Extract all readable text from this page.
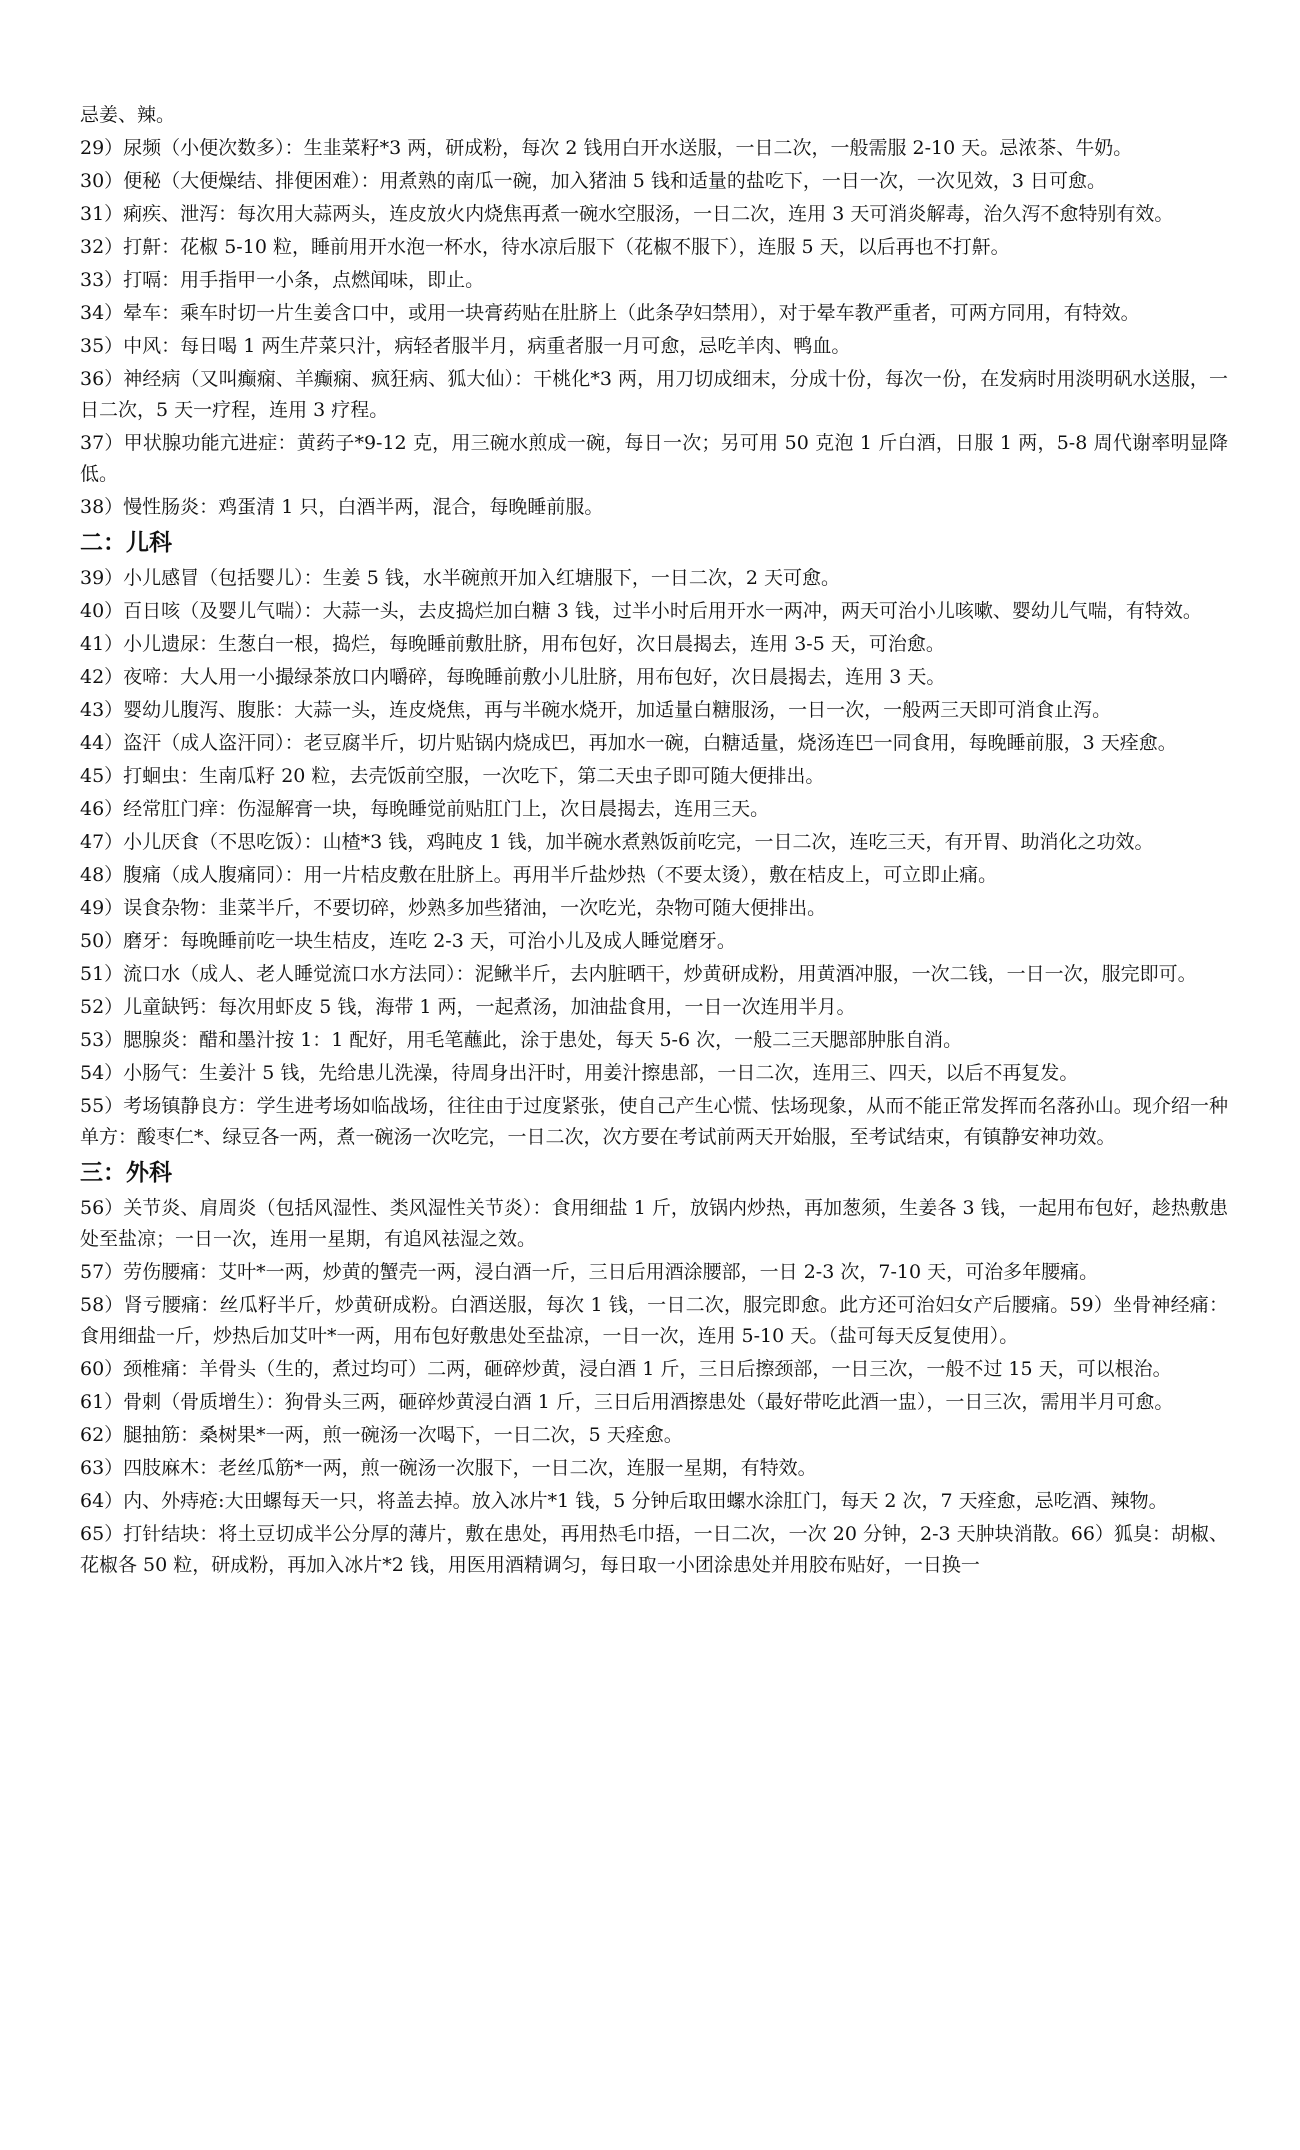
忌姜、辣。
29）尿频（小便次数多）：生韭菜籽*3 两，研成粉，每次 2 钱用白开水送服，一日二次，一般需服 2-10 天。忌浓茶、牛奶。
30）便秘（大便燥结、排便困难）：用煮熟的南瓜一碗，加入猪油 5 钱和适量的盐吃下，一日一次，一次见效，3 日可愈。
31）痢疾、泄泻：每次用大蒜两头，连皮放火内烧焦再煮一碗水空服汤，一日二次，连用 3 天可消炎解毒，治久泻不愈特别有效。
32）打鼾：花椒 5-10 粒，睡前用开水泡一杯水，待水凉后服下（花椒不服下），连服 5 天，以后再也不打鼾。
33）打嗝：用手指甲一小条，点燃闻味，即止。
34）晕车：乘车时切一片生姜含口中，或用一块膏药贴在肚脐上（此条孕妇禁用），对于晕车教严重者，可两方同用，有特效。
35）中风：每日喝 1 两生芹菜只汁，病轻者服半月，病重者服一月可愈，忌吃羊肉、鸭血。
36）神经病（又叫癫痫、羊癫痫、疯狂病、狐大仙）：干桃化*3 两，用刀切成细末，分成十份，每次一份，在发病时用淡明矾水送服，一日二次，5 天一疗程，连用 3 疗程。
37）甲状腺功能亢进症：黄药子*9-12 克，用三碗水煎成一碗，每日一次；另可用 50 克泡 1 斤白酒，日服 1 两，5-8 周代谢率明显降低。
38）慢性肠炎：鸡蛋清 1 只，白酒半两，混合，每晚睡前服。
二：儿科
39）小儿感冒（包括婴儿）：生姜 5 钱，水半碗煎开加入红塘服下，一日二次，2 天可愈。
40）百日咳（及婴儿气喘）：大蒜一头，去皮捣烂加白糖 3 钱，过半小时后用开水一两冲，两天可治小儿咳嗽、婴幼儿气喘，有特效。
41）小儿遗尿：生葱白一根，捣烂，每晚睡前敷肚脐，用布包好，次日晨揭去，连用 3-5 天，可治愈。
42）夜啼：大人用一小撮绿茶放口内嚼碎，每晚睡前敷小儿肚脐，用布包好，次日晨揭去，连用 3 天。
43）婴幼儿腹泻、腹胀：大蒜一头，连皮烧焦，再与半碗水烧开，加适量白糖服汤，一日一次，一般两三天即可消食止泻。
44）盗汗（成人盗汗同）：老豆腐半斤，切片贴锅内烧成巴，再加水一碗，白糖适量，烧汤连巴一同食用，每晚睡前服，3 天痊愈。
45）打蛔虫：生南瓜籽 20 粒，去壳饭前空服，一次吃下，第二天虫子即可随大便排出。
46）经常肛门痒：伤湿解膏一块，每晚睡觉前贴肛门上，次日晨揭去，连用三天。
47）小儿厌食（不思吃饭）：山楂*3 钱，鸡盹皮 1 钱，加半碗水煮熟饭前吃完，一日二次，连吃三天，有开胃、助消化之功效。
48）腹痛（成人腹痛同）：用一片桔皮敷在肚脐上。再用半斤盐炒热（不要太烫），敷在桔皮上，可立即止痛。
49）误食杂物：韭菜半斤，不要切碎，炒熟多加些猪油，一次吃光，杂物可随大便排出。
50）磨牙：每晚睡前吃一块生桔皮，连吃 2-3 天，可治小儿及成人睡觉磨牙。
51）流口水（成人、老人睡觉流口水方法同）：泥鳅半斤，去内脏晒干，炒黄研成粉，用黄酒冲服，一次二钱，一日一次，服完即可。
52）儿童缺钙：每次用虾皮 5 钱，海带 1 两，一起煮汤，加油盐食用，一日一次连用半月。
53）腮腺炎：醋和墨汁按 1：1 配好，用毛笔蘸此，涂于患处，每天 5-6 次，一般二三天腮部肿胀自消。
54）小肠气：生姜汁 5 钱，先给患儿洗澡，待周身出汗时，用姜汁擦患部，一日二次，连用三、四天，以后不再复发。
55）考场镇静良方：学生进考场如临战场，往往由于过度紧张，使自己产生心慌、怯场现象，从而不能正常发挥而名落孙山。现介绍一种单方：酸枣仁*、绿豆各一两，煮一碗汤一次吃完，一日二次，次方要在考试前两天开始服，至考试结束，有镇静安神功效。
三：外科
56）关节炎、肩周炎（包括风湿性、类风湿性关节炎）：食用细盐 1 斤，放锅内炒热，再加葱须，生姜各 3 钱，一起用布包好，趁热敷患处至盐凉；一日一次，连用一星期，有追风祛湿之效。
57）劳伤腰痛：艾叶*一两，炒黄的蟹壳一两，浸白酒一斤，三日后用酒涂腰部，一日 2-3 次，7-10 天，可治多年腰痛。
58）肾亏腰痛：丝瓜籽半斤，炒黄研成粉。白酒送服，每次 1 钱，一日二次，服完即愈。此方还可治妇女产后腰痛。59）坐骨神经痛：食用细盐一斤，炒热后加艾叶*一两，用布包好敷患处至盐凉，一日一次，连用 5-10 天。（盐可每天反复使用）。
60）颈椎痛：羊骨头（生的，煮过均可）二两，砸碎炒黄，浸白酒 1 斤，三日后擦颈部，一日三次，一般不过 15 天，可以根治。
61）骨刺（骨质增生）：狗骨头三两，砸碎炒黄浸白酒 1 斤，三日后用酒擦患处（最好带吃此酒一盅），一日三次，需用半月可愈。
62）腿抽筋：桑树果*一两，煎一碗汤一次喝下，一日二次，5 天痊愈。
63）四肢麻木：老丝瓜筋*一两，煎一碗汤一次服下，一日二次，连服一星期，有特效。
64）内、外痔疮:大田螺每天一只，将盖去掉。放入冰片*1 钱，5 分钟后取田螺水涂肛门，每天 2 次，7 天痊愈，忌吃酒、辣物。
65）打针结块：将土豆切成半公分厚的薄片，敷在患处，再用热毛巾捂，一日二次，一次 20 分钟，2-3 天肿块消散。66）狐臭：胡椒、花椒各 50 粒，研成粉，再加入冰片*2 钱，用医用酒精调匀，每日取一小团涂患处并用胶布贴好，一日换一
